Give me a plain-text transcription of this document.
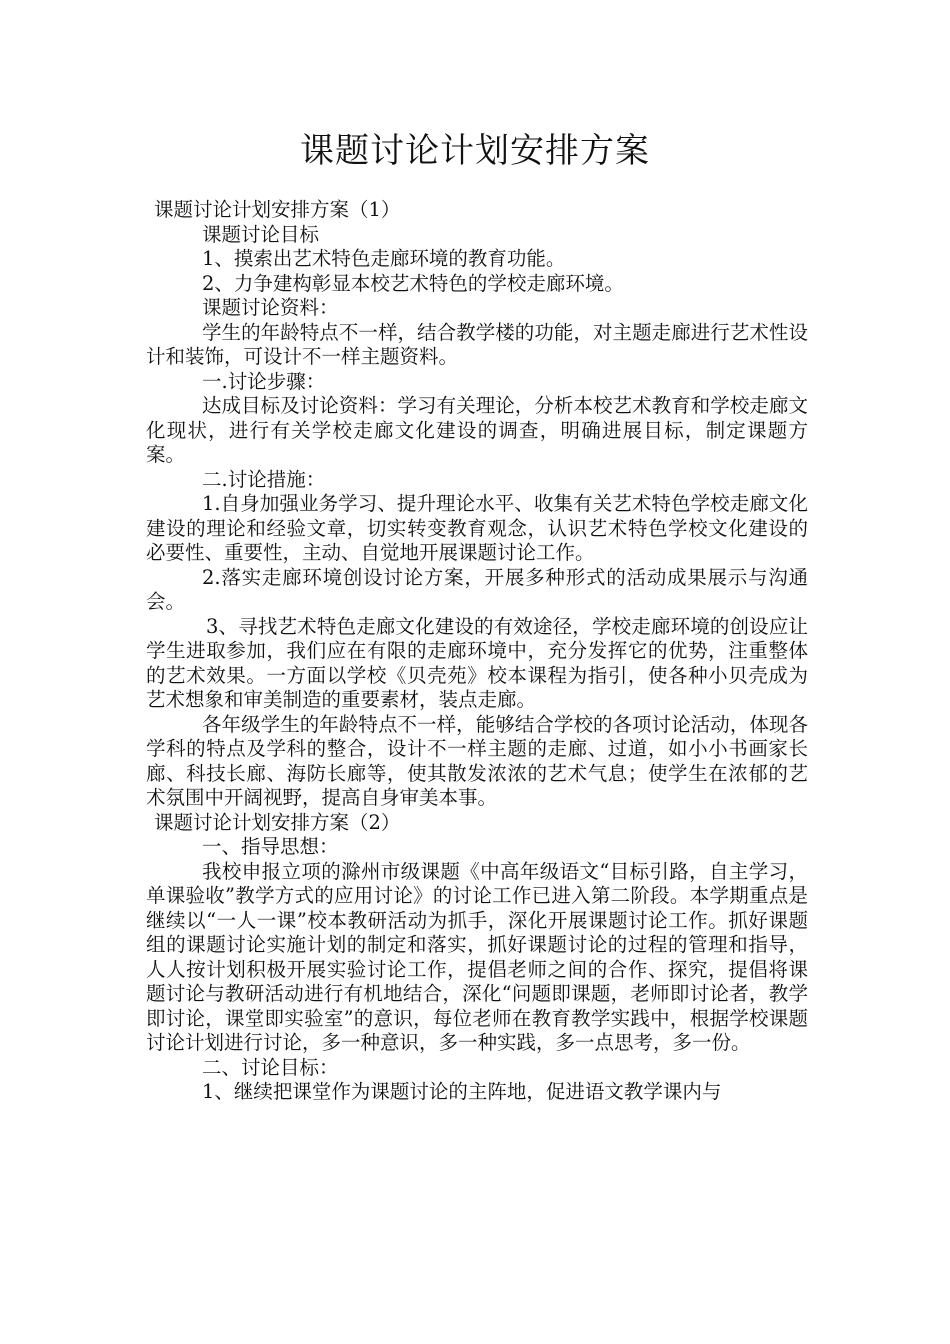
课题讨论计划安排方案

课题讨论计划安排方案（1）

课题讨论目标

1、摸索出艺术特色走廊环境的教育功能。

2、力争建构彰显本校艺术特色的学校走廊环境。

课题讨论资料：

学生的年龄特点不一样，结合教学楼的功能，对主题走廊进行艺术性设计和装饰，可设计不一样主题资料。

一.讨论步骤：

达成目标及讨论资料：学习有关理论，分析本校艺术教育和学校走廊文化现状，进行有关学校走廊文化建设的调查，明确进展目标，制定课题方案。

二.讨论措施：

1.自身加强业务学习、提升理论水平、收集有关艺术特色学校走廊文化建设的理论和经验文章，切实转变教育观念，认识艺术特色学校文化建设的必要性、重要性，主动、自觉地开展课题讨论工作。

2.落实走廊环境创设讨论方案，开展多种形式的活动成果展示与沟通会。

3、寻找艺术特色走廊文化建设的有效途径，学校走廊环境的创设应让学生进取参加，我们应在有限的走廊环境中，充分发挥它的优势，注重整体的艺术效果。一方面以学校《贝壳苑》校本课程为指引，使各种小贝壳成为艺术想象和审美制造的重要素材，装点走廊。

各年级学生的年龄特点不一样，能够结合学校的各项讨论活动，体现各学科的特点及学科的整合，设计不一样主题的走廊、过道，如小小书画家长廊、科技长廊、海防长廊等，使其散发浓浓的艺术气息；使学生在浓郁的艺术氛围中开阔视野，提高自身审美本事。

课题讨论计划安排方案（2）

一、指导思想：

我校申报立项的滁州市级课题《中高年级语文“目标引路，自主学习，单课验收”教学方式的应用讨论》的讨论工作已进入第二阶段。本学期重点是继续以“一人一课”校本教研活动为抓手，深化开展课题讨论工作。抓好课题组的课题讨论实施计划的制定和落实，抓好课题讨论的过程的管理和指导，人人按计划积极开展实验讨论工作，提倡老师之间的合作、探究，提倡将课题讨论与教研活动进行有机地结合，深化“问题即课题，老师即讨论者，教学即讨论，课堂即实验室”的意识，每位老师在教育教学实践中，根据学校课题讨论计划进行讨论，多一种意识，多一种实践，多一点思考，多一份。

二、讨论目标：

1、继续把课堂作为课题讨论的主阵地，促进语文教学课内与
